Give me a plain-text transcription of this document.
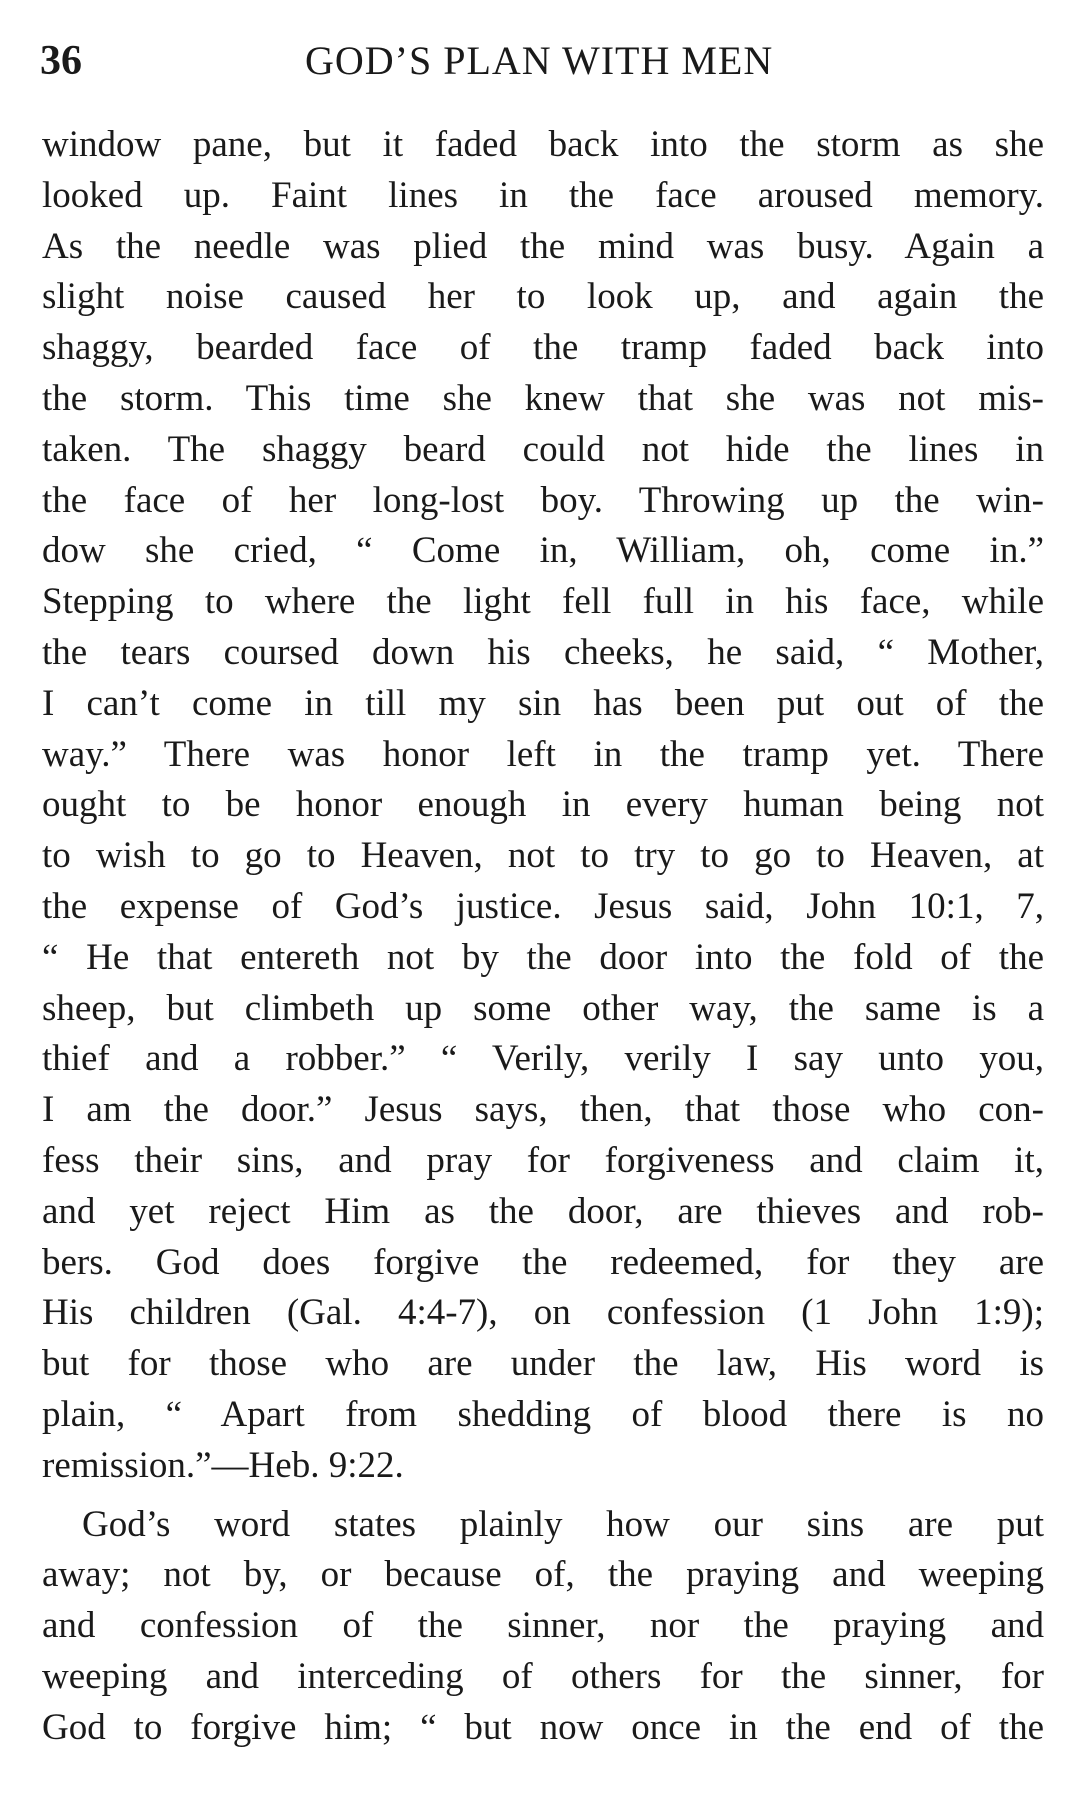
36	GOD’S PLAN WITH MEN
window pane, but it faded back into the storm as she
looked up. Faint lines in the face aroused memory.
As the needle was plied the mind was busy. Again a
slight noise caused her to look up, and again the
shaggy, bearded face of the tramp faded back into
the storm. This time she knew that she was not mis-
taken. The shaggy beard could not hide the lines in
the face of her long-lost boy. Throwing up the win-
dow she cried, “ Come in, William, oh, come in.”
Stepping to where the light fell full in his face, while
the tears coursed down his cheeks, he said, “ Mother,
I can’t come in till my sin has been put out of the
way.” There was honor left in the tramp yet. There
ought to be honor enough in every human being not
to wish to go to Heaven, not to try to go to Heaven, at
the expense of God’s justice. Jesus said, John 10:1, 7,
“ He that entereth not by the door into the fold of the
sheep, but climbeth up some other way, the same is a
thief and a robber.” “ Verily, verily I say unto you,
I am the door.” Jesus says, then, that those who con-
fess their sins, and pray for forgiveness and claim it,
and yet reject Him as the door, are thieves and rob-
bers. God does forgive the redeemed, for they are
His children (Gal. 4:4-7), on confession (1 John 1:9);
but for those who are under the law, His word is
plain, “ Apart from shedding of blood there is no
remission.”—Heb. 9:22.
God’s word states plainly how our sins are put
away; not by, or because of, the praying and weeping
and confession of the sinner, nor the praying and
weeping and interceding of others for the sinner, for
God to forgive him; “ but now once in the end of the
